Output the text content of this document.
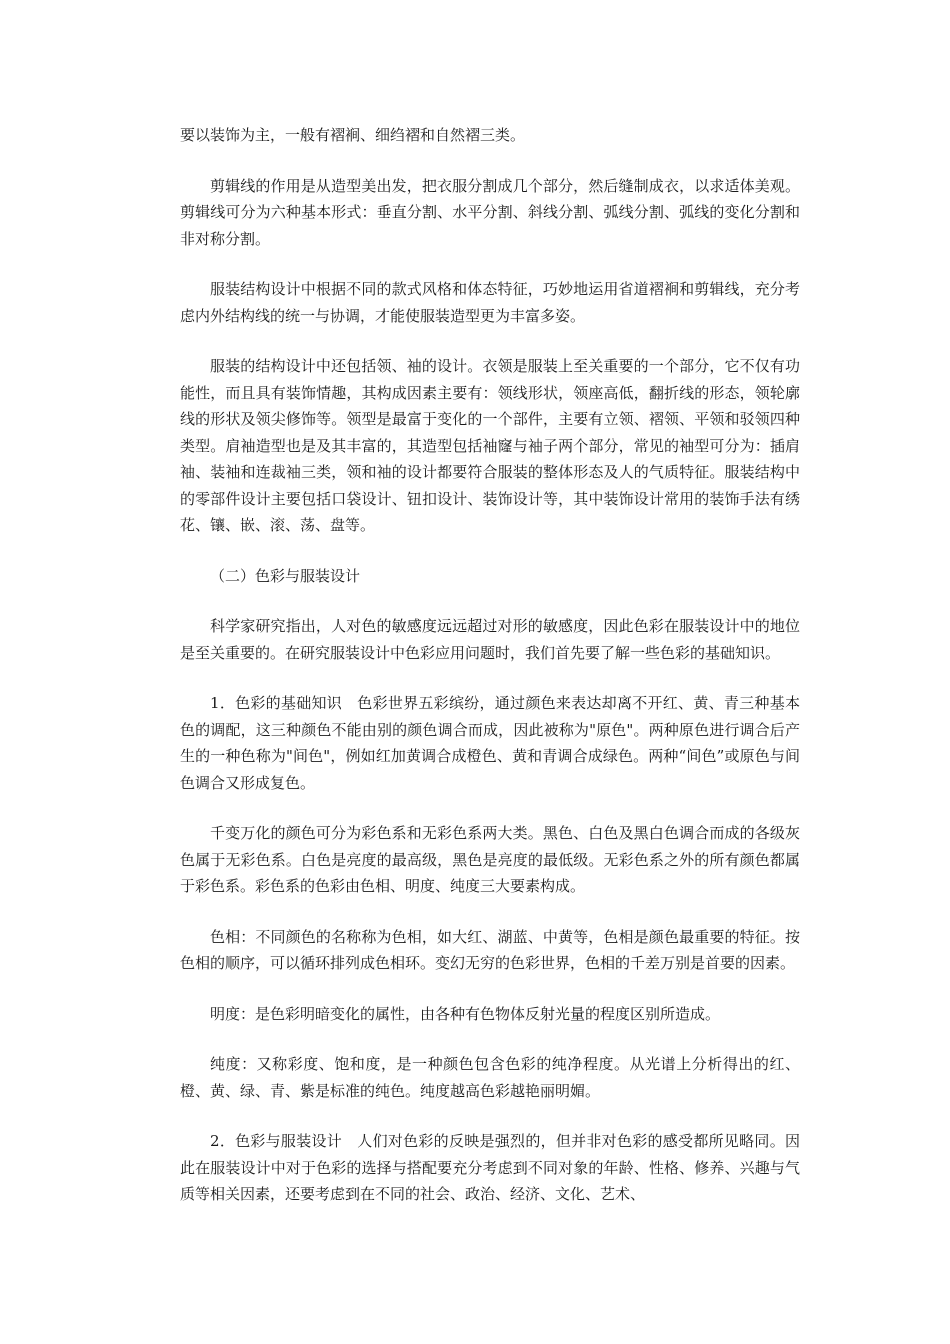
要以装饰为主，一般有褶裥、细绉褶和自然褶三类。

剪辑线的作用是从造型美出发，把衣服分割成几个部分，然后缝制成衣，以求适体美观。剪辑线可分为六种基本形式：垂直分割、水平分割、斜线分割、弧线分割、弧线的变化分割和非对称分割。

服装结构设计中根据不同的款式风格和体态特征，巧妙地运用省道褶裥和剪辑线，充分考虑内外结构线的统一与协调，才能使服装造型更为丰富多姿。

服装的结构设计中还包括领、袖的设计。衣领是服装上至关重要的一个部分，它不仅有功能性，而且具有装饰情趣，其构成因素主要有：领线形状，领座高低，翻折线的形态，领轮廓线的形状及领尖修饰等。领型是最富于变化的一个部件，主要有立领、褶领、平领和驳领四种类型。肩袖造型也是及其丰富的，其造型包括袖窿与袖子两个部分，常见的袖型可分为：插肩袖、装袖和连裁袖三类，领和袖的设计都要符合服装的整体形态及人的气质特征。服装结构中的零部件设计主要包括口袋设计、钮扣设计、装饰设计等，其中装饰设计常用的装饰手法有绣花、镶、嵌、滚、荡、盘等。

（二）色彩与服装设计

科学家研究指出，人对色的敏感度远远超过对形的敏感度，因此色彩在服装设计中的地位是至关重要的。在研究服装设计中色彩应用问题时，我们首先要了解一些色彩的基础知识。

1．色彩的基础知识　色彩世界五彩缤纷，通过颜色来表达却离不开红、黄、青三种基本色的调配，这三种颜色不能由别的颜色调合而成，因此被称为"原色"。两种原色进行调合后产生的一种色称为"间色"，例如红加黄调合成橙色、黄和青调合成绿色。两种“间色”或原色与间色调合又形成复色。

千变万化的颜色可分为彩色系和无彩色系两大类。黑色、白色及黑白色调合而成的各级灰色属于无彩色系。白色是亮度的最高级，黑色是亮度的最低级。无彩色系之外的所有颜色都属于彩色系。彩色系的色彩由色相、明度、纯度三大要素构成。

色相：不同颜色的名称称为色相，如大红、湖蓝、中黄等，色相是颜色最重要的特征。按色相的顺序，可以循环排列成色相环。变幻无穷的色彩世界，色相的千差万别是首要的因素。

明度：是色彩明暗变化的属性，由各种有色物体反射光量的程度区别所造成。

纯度：又称彩度、饱和度，是一种颜色包含色彩的纯净程度。从光谱上分析得出的红、橙、黄、绿、青、紫是标准的纯色。纯度越高色彩越艳丽明媚。

2．色彩与服装设计　人们对色彩的反映是强烈的，但并非对色彩的感受都所见略同。因此在服装设计中对于色彩的选择与搭配要充分考虑到不同对象的年龄、性格、修养、兴趣与气质等相关因素，还要考虑到在不同的社会、政治、经济、文化、艺术、
